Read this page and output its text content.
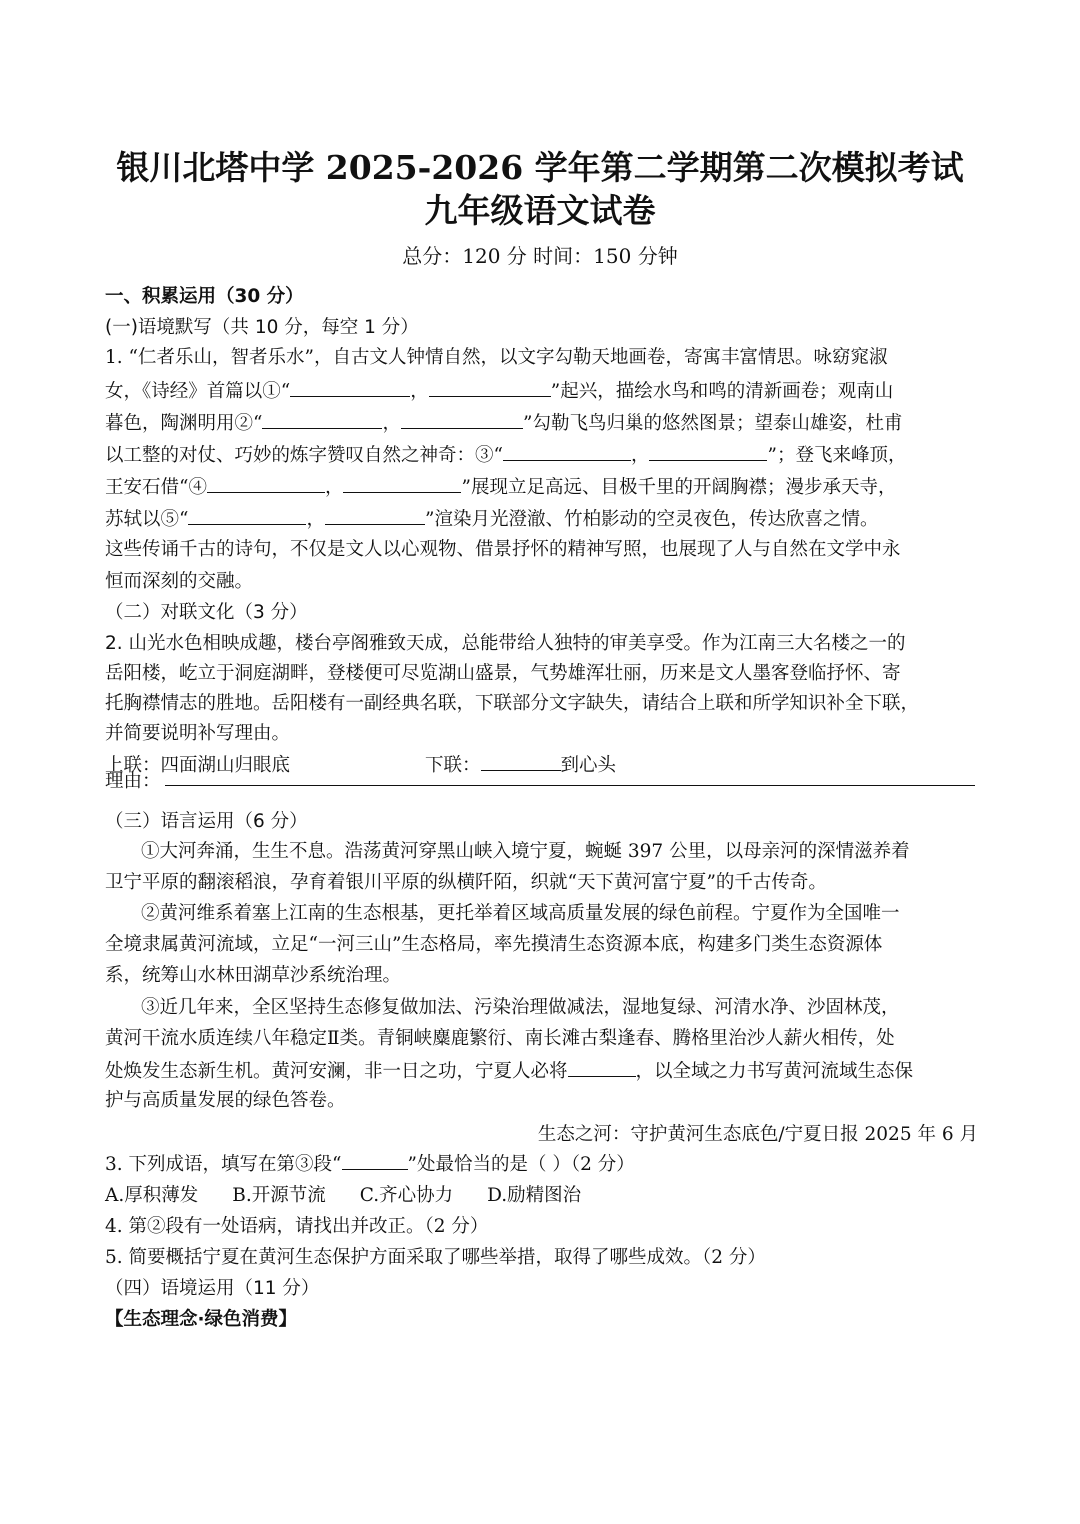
银川北塔中学 2025-2026 学年第二学期第二次模拟考试
九年级语文试卷
总分：120 分 时间：150 分钟
一、积累运用（30 分）
(一)语境默写（共 10 分，每空 1 分）
1. “仁者乐山，智者乐水”，自古文人钟情自然，以文字勾勒天地画卷，寄寓丰富情思。咏窈窕淑
女，《诗经》首篇以①“	，	”起兴，描绘水鸟和鸣的清新画卷；观南山
暮色，陶渊明用②“	，	”勾勒飞鸟归巢的悠然图景；望泰山雄姿，杜甫
以工整的对仗、巧妙的炼字赞叹自然之神奇：③“	，	”；登飞来峰顶，
王安石借“④	，	”展现立足高远、目极千里的开阔胸襟；漫步承天寺，
苏轼以⑤“	，	”渲染月光澄澈、竹柏影动的空灵夜色，传达欣喜之情。
这些传诵千古的诗句，不仅是文人以心观物、借景抒怀的精神写照，也展现了人与自然在文学中永
恒而深刻的交融。
（二）对联文化（3 分）
2. 山光水色相映成趣，楼台亭阁雅致天成，总能带给人独特的审美享受。作为江南三大名楼之一的
岳阳楼，屹立于洞庭湖畔，登楼便可尽览湖山盛景，气势雄浑壮丽，历来是文人墨客登临抒怀、寄
托胸襟情志的胜地。岳阳楼有一副经典名联，下联部分文字缺失，请结合上联和所学知识补全下联，
并简要说明补写理由。
上联：四面湖山归眼底	下联：	到心头
理由：
（三）语言运用（6 分）
①大河奔涌，生生不息。浩荡黄河穿黑山峡入境宁夏，蜿蜒 397 公里，以母亲河的深情滋养着
卫宁平原的翻滚稻浪，孕育着银川平原的纵横阡陌，织就“天下黄河富宁夏”的千古传奇。
②黄河维系着塞上江南的生态根基，更托举着区域高质量发展的绿色前程。宁夏作为全国唯一
全境隶属黄河流域，立足“一河三山”生态格局，率先摸清生态资源本底，构建多门类生态资源体
系，统筹山水林田湖草沙系统治理。
③近几年来，全区坚持生态修复做加法、污染治理做减法，湿地复绿、河清水净、沙固林茂，
黄河干流水质连续八年稳定Ⅱ类。青铜峡麋鹿繁衍、南长滩古梨逢春、腾格里治沙人薪火相传，处
处焕发生态新生机。黄河安澜，非一日之功，宁夏人必将	，以全域之力书写黄河流域生态保
护与高质量发展的绿色答卷。
生态之河：守护黄河生态底色/宁夏日报 2025 年 6 月
3. 下列成语，填写在第③段“	”处最恰当的是（ ）（2 分）
A.厚积薄发 B.开源节流 C.齐心协力 D.励精图治
4. 第②段有一处语病，请找出并改正。（2 分）
5. 简要概括宁夏在黄河生态保护方面采取了哪些举措，取得了哪些成效。（2 分）
（四）语境运用（11 分）
【生态理念·绿色消费】
